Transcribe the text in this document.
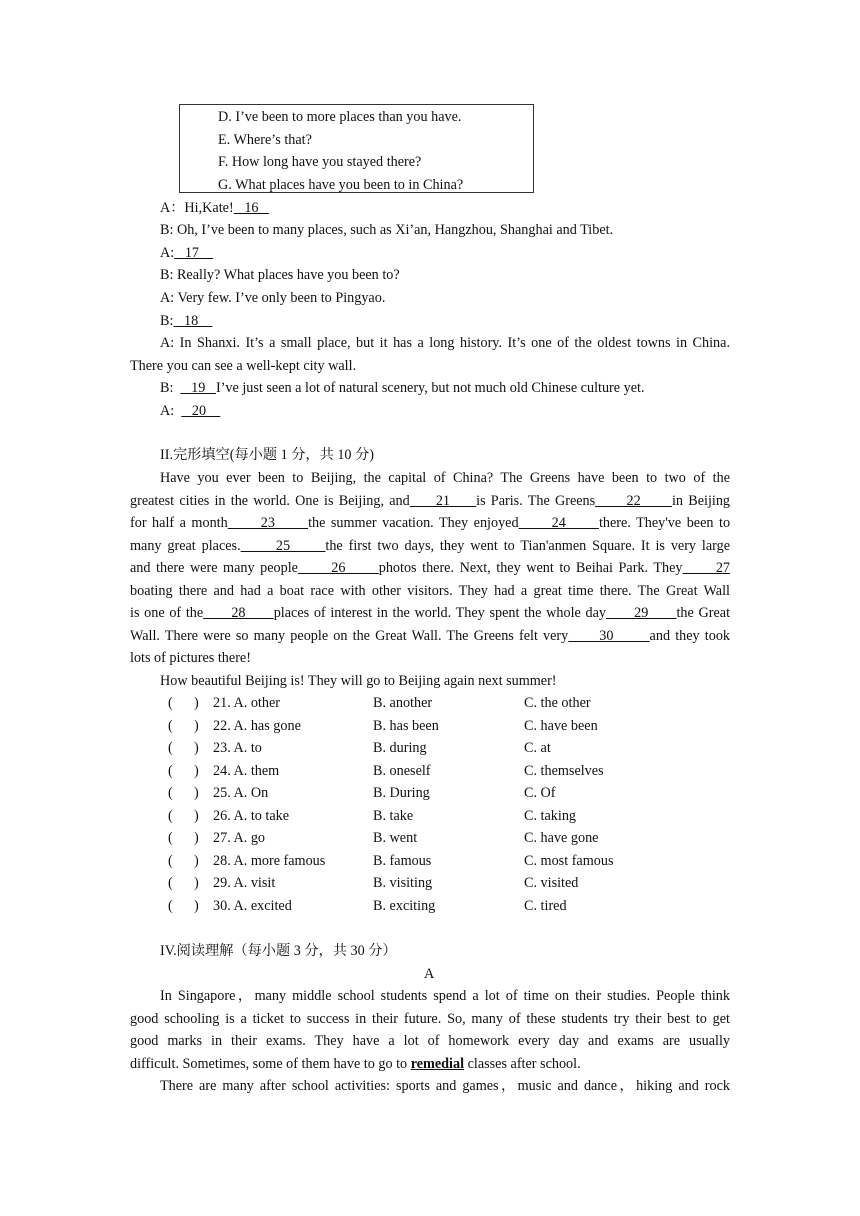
D. I’ve been to more places than you have.
E. Where’s that?
F. How long have you stayed there?
G. What places have you been to in China?
A：Hi,Kate!   16
B: Oh, I’ve been to many places, such as Xi’an, Hangzhou, Shanghai and Tibet.
A:   17
B: Really? What places have you been to?
A: Very few. I’ve only been to Pingyao.
B:   18
A: In Shanxi. It’s a small place, but it has a long history. It’s one of the oldest towns in China.
There you can see a well-kept city wall.
B:     19   I’ve just seen a lot of natural scenery, but not much old Chinese culture yet.
A:     20
II.完形填空(每小题 1 分，共 10 分)
Have you ever been to Beijing, the capital of China? The Greens have been to two of the
greatest cities in the world. One is Beijing, and     21     is Paris. The Greens      22      in Beijing
for half a month      23      the summer vacation. They enjoyed      24      there. They've been to
many great places.      25      the first two days, they went to Tian'anmen Square. It is very large
and there were many people      26      photos there. Next, they went to Beihai Park. They      27
boating there and had a boat race with other visitors. They had a great time there. The Great Wall
is one of the      28      places of interest in the world. They spent the whole day      29      the Great
Wall. There were so many people on the Great Wall. The Greens felt very      30       and they took
lots of pictures there!
How beautiful Beijing is! They will go to Beijing again next summer!
(      ) 21. A. other	B. another	C. the other
(      ) 22. A. has gone	B. has been	C. have been
(      ) 23. A. to	B. during	C. at
(      ) 24. A. them	B. oneself	C. themselves
(      ) 25. A. On	B. During	C. Of
(      ) 26. A. to take	B. take	C. taking
(      ) 27. A. go	B. went	C. have gone
(      ) 28. A. more famous	B. famous	C. most famous
(      ) 29. A. visit	B. visiting	C. visited
(      ) 30. A. excited	B. exciting	C. tired
IV.阅读理解（每小题 3 分，共 30 分）
A
In Singapore，many middle school students spend a lot of time on their studies. People think
good schooling is a ticket to success in their future. So, many of these students try their best to get
good marks in their exams. They have a lot of homework every day and exams are usually
difficult. Sometimes, some of them have to go to remedial classes after school.
There are many after school activities: sports and games，music and dance，hiking and rock
